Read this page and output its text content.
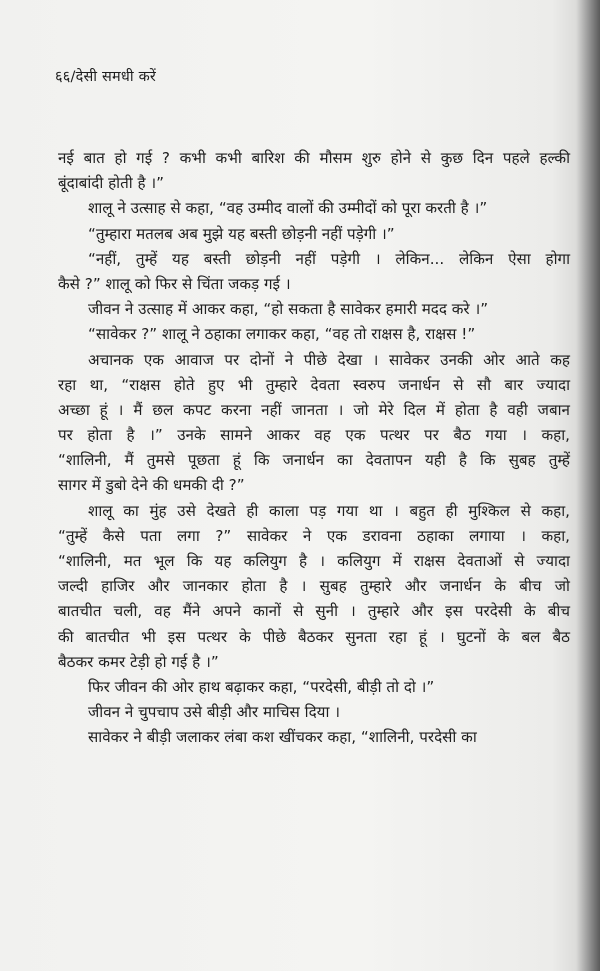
६६/देसी समधी करें
नई बात हो गई ? कभी कभी बारिश की मौसम शुरु होने से कुछ दिन पहले हल्की
बूंदाबांदी होती है ।”
शालू ने उत्साह से कहा, “वह उम्मीद वालों की उम्मीदों को पूरा करती है ।”
“तुम्हारा मतलब अब मुझे यह बस्ती छोड़नी नहीं पड़ेगी ।”
“नहीं, तुम्हें यह बस्ती छोड़नी नहीं पड़ेगी । लेकिन... लेकिन ऐसा होगा
कैसे ?” शालू को फिर से चिंता जकड़ गई ।
जीवन ने उत्साह में आकर कहा, “हो सकता है सावेकर हमारी मदद करे ।”
“सावेकर ?” शालू ने ठहाका लगाकर कहा, “वह तो राक्षस है, राक्षस !”
अचानक एक आवाज पर दोनों ने पीछे देखा । सावेकर उनकी ओर आते कह
रहा था, “राक्षस होते हुए भी तुम्हारे देवता स्वरुप जनार्धन से सौ बार ज्यादा
अच्छा हूं । मैं छल कपट करना नहीं जानता । जो मेरे दिल में होता है वही जबान
पर होता है ।” उनके सामने आकर वह एक पत्थर पर बैठ गया । कहा,
“शालिनी, मैं तुमसे पूछता हूं कि जनार्धन का देवतापन यही है कि सुबह तुम्हें
सागर में डुबो देने की धमकी दी ?”
शालू का मुंह उसे देखते ही काला पड़ गया था । बहुत ही मुश्किल से कहा,
“तुम्हें कैसे पता लगा ?” सावेकर ने एक डरावना ठहाका लगाया । कहा,
“शालिनी, मत भूल कि यह कलियुग है । कलियुग में राक्षस देवताओं से ज्यादा
जल्दी हाजिर और जानकार होता है । सुबह तुम्हारे और जनार्धन के बीच जो
बातचीत चली, वह मैंने अपने कानों से सुनी । तुम्हारे और इस परदेसी के बीच
की बातचीत भी इस पत्थर के पीछे बैठकर सुनता रहा हूं । घुटनों के बल बैठ
बैठकर कमर टेड़ी हो गई है ।”
फिर जीवन की ओर हाथ बढ़ाकर कहा, “परदेसी, बीड़ी तो दो ।”
जीवन ने चुपचाप उसे बीड़ी और माचिस दिया ।
सावेकर ने बीड़ी जलाकर लंबा कश खींचकर कहा, “शालिनी, परदेसी का
